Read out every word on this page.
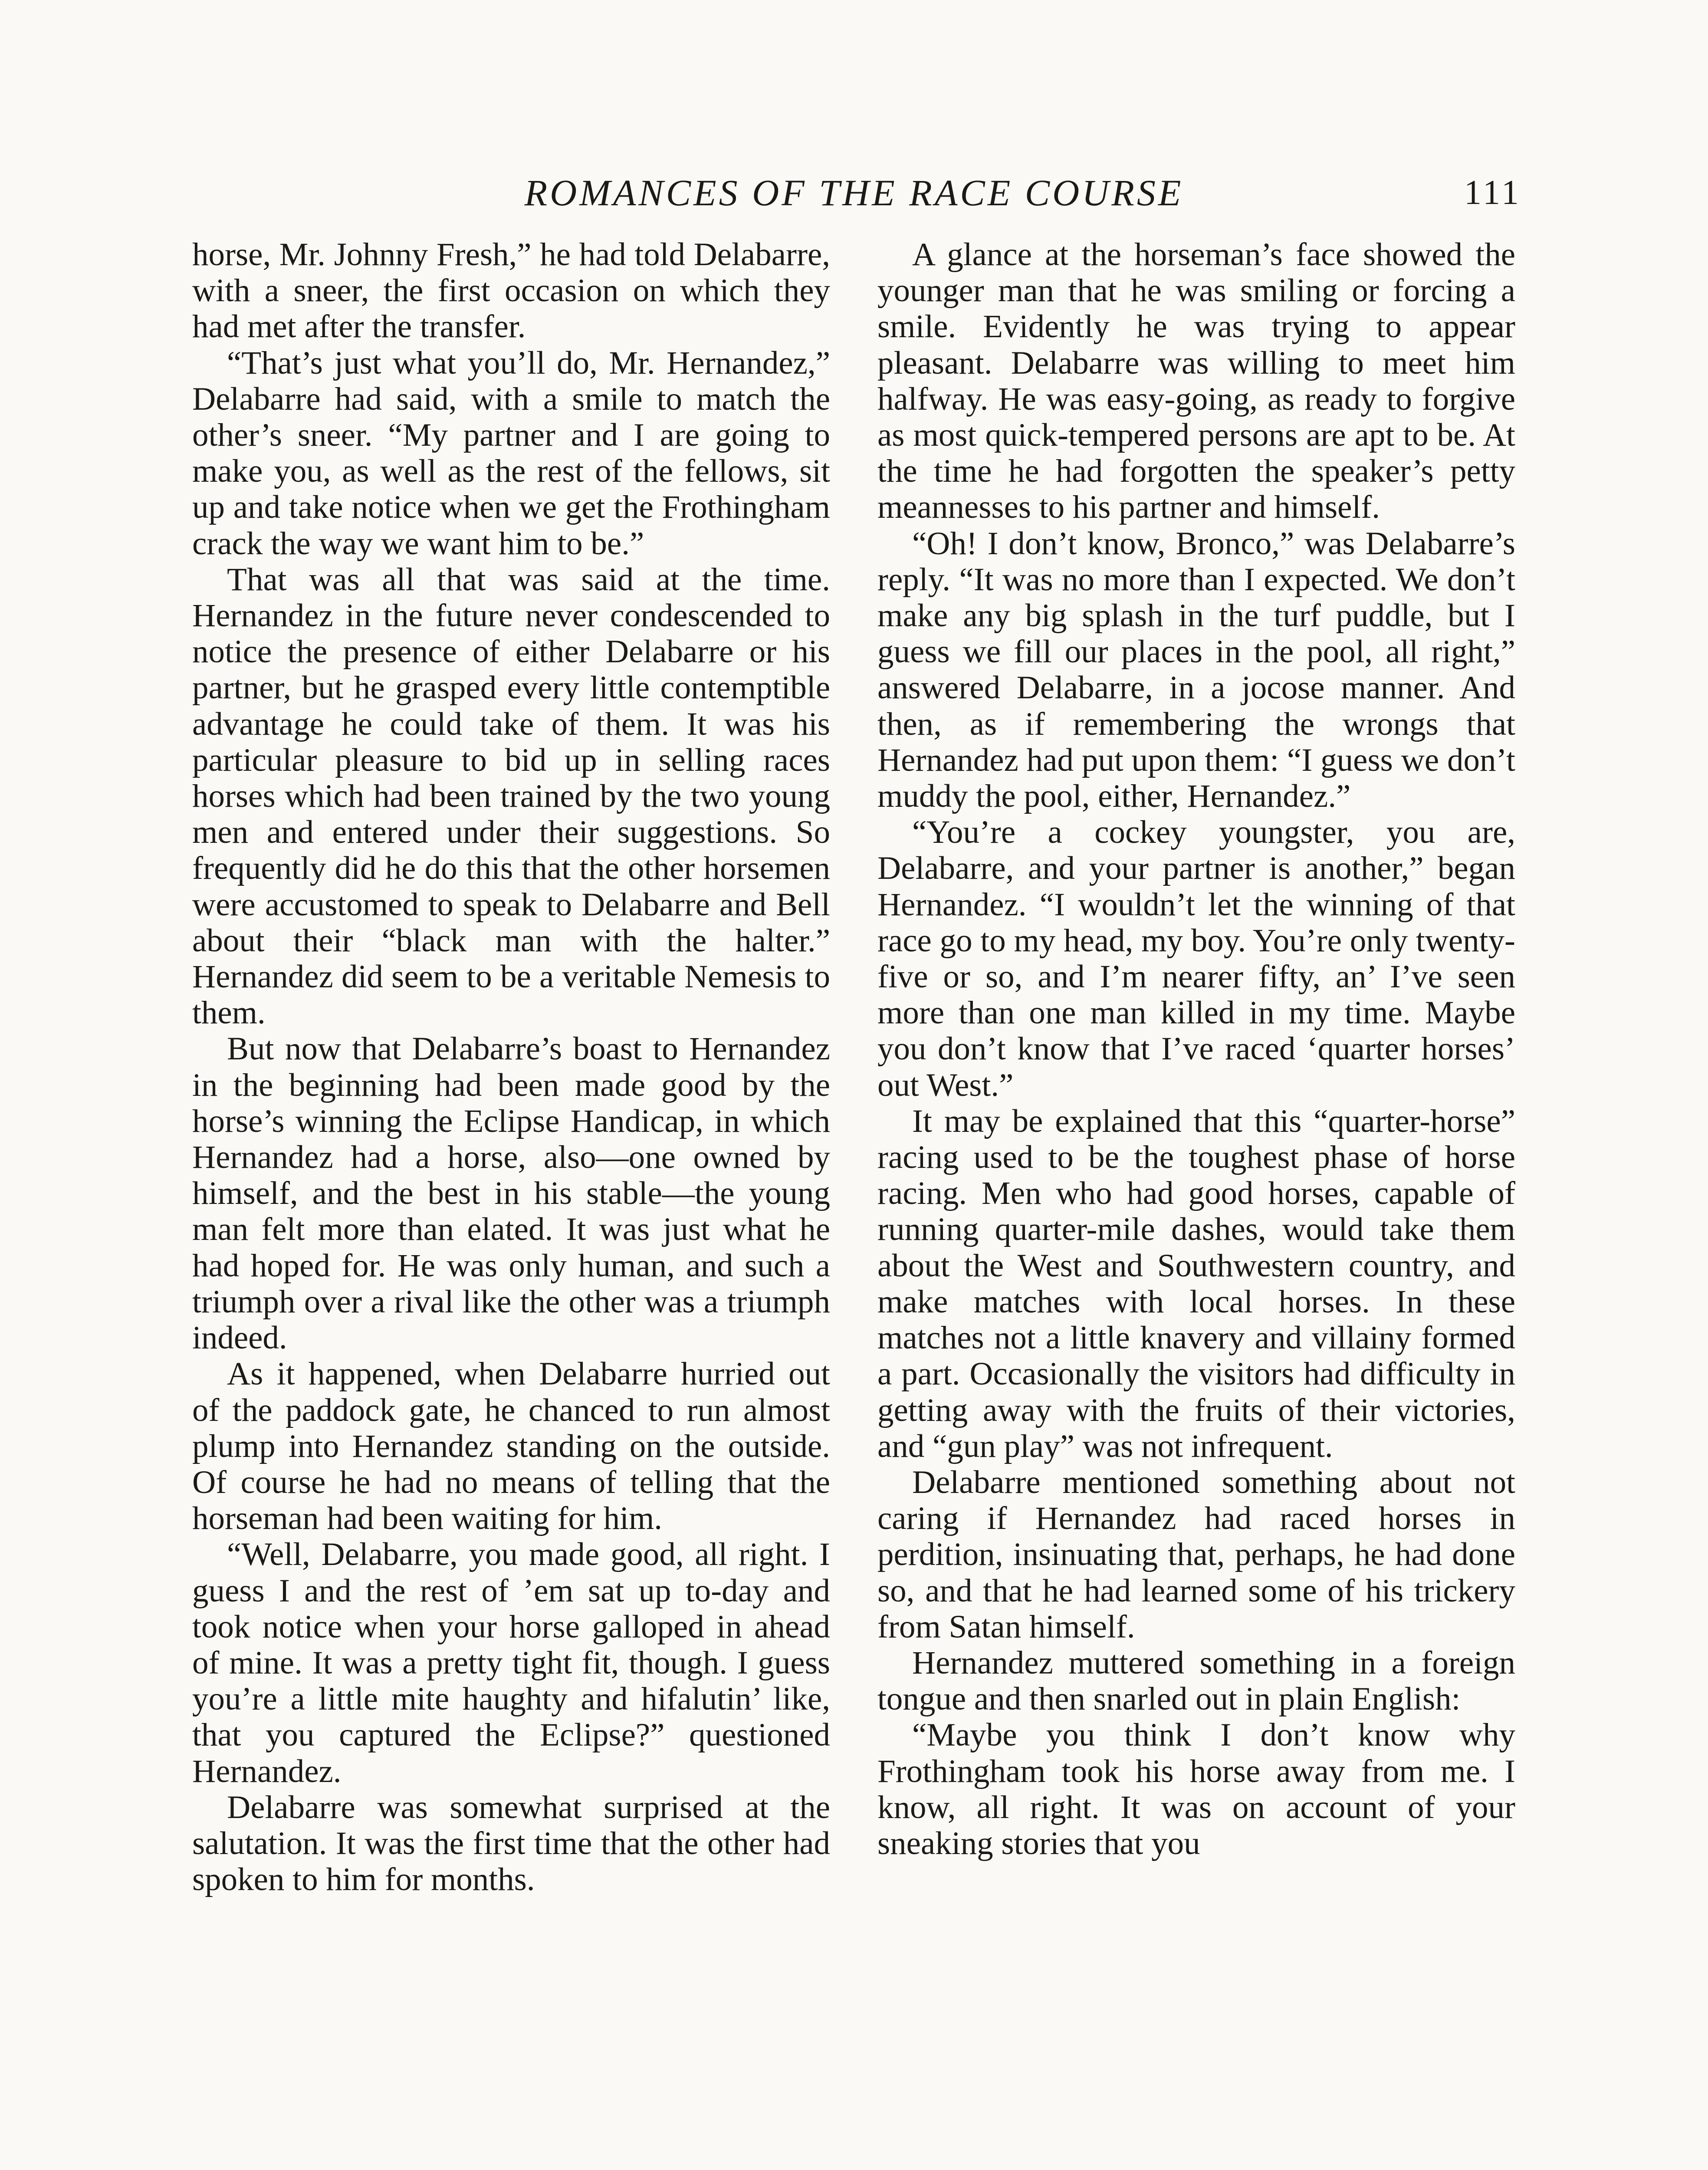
ROMANCES OF THE RACE COURSE	111

horse, Mr. Johnny Fresh,” he had told Delabarre, with a sneer, the first occasion on which they had met after the transfer.

“That’s just what you’ll do, Mr. Hernandez,” Delabarre had said, with a smile to match the other’s sneer. “My partner and I are going to make you, as well as the rest of the fellows, sit up and take notice when we get the Frothingham crack the way we want him to be.”

That was all that was said at the time. Hernandez in the future never condescended to notice the presence of either Delabarre or his partner, but he grasped every little contemptible advantage he could take of them. It was his particular pleasure to bid up in selling races horses which had been trained by the two young men and entered under their suggestions. So frequently did he do this that the other horsemen were accustomed to speak to Delabarre and Bell about their “black man with the halter.” Hernandez did seem to be a veritable Nemesis to them.

But now that Delabarre’s boast to Hernandez in the beginning had been made good by the horse’s winning the Eclipse Handicap, in which Hernandez had a horse, also—one owned by himself, and the best in his stable—the young man felt more than elated. It was just what he had hoped for. He was only human, and such a triumph over a rival like the other was a triumph indeed.

As it happened, when Delabarre hurried out of the paddock gate, he chanced to run almost plump into Hernandez standing on the outside. Of course he had no means of telling that the horseman had been waiting for him.

“Well, Delabarre, you made good, all right. I guess I and the rest of ’em sat up to-day and took notice when your horse galloped in ahead of mine. It was a pretty tight fit, though. I guess you’re a little mite haughty and hifalutin’ like, that you captured the Eclipse?” questioned Hernandez.

Delabarre was somewhat surprised at the salutation. It was the first time that the other had spoken to him for months.

A glance at the horseman’s face showed the younger man that he was smiling or forcing a smile. Evidently he was trying to appear pleasant. Delabarre was willing to meet him halfway. He was easy-going, as ready to forgive as most quick-tempered persons are apt to be. At the time he had forgotten the speaker’s petty meannesses to his partner and himself.

“Oh! I don’t know, Bronco,” was Delabarre’s reply. “It was no more than I expected. We don’t make any big splash in the turf puddle, but I guess we fill our places in the pool, all right,” answered Delabarre, in a jocose manner. And then, as if remembering the wrongs that Hernandez had put upon them: “I guess we don’t muddy the pool, either, Hernandez.”

“You’re a cockey youngster, you are, Delabarre, and your partner is another,” began Hernandez. “I wouldn’t let the winning of that race go to my head, my boy. You’re only twenty-five or so, and I’m nearer fifty, an’ I’ve seen more than one man killed in my time. Maybe you don’t know that I’ve raced ‘quarter horses’ out West.”

It may be explained that this “quarter-horse” racing used to be the toughest phase of horse racing. Men who had good horses, capable of running quarter-mile dashes, would take them about the West and Southwestern country, and make matches with local horses. In these matches not a little knavery and villainy formed a part. Occasionally the visitors had difficulty in getting away with the fruits of their victories, and “gun play” was not infrequent.

Delabarre mentioned something about not caring if Hernandez had raced horses in perdition, insinuating that, perhaps, he had done so, and that he had learned some of his trickery from Satan himself.

Hernandez muttered something in a foreign tongue and then snarled out in plain English:

“Maybe you think I don’t know why Frothingham took his horse away from me. I know, all right. It was on account of your sneaking stories that you
